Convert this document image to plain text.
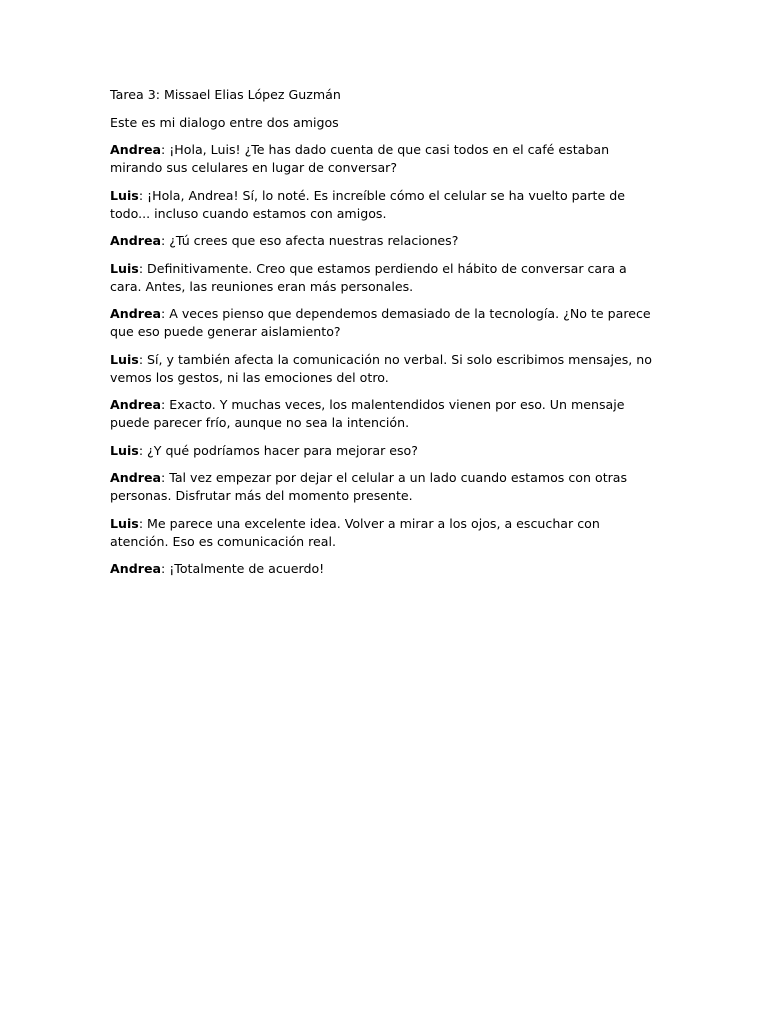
Tarea 3: Missael Elias López Guzmán

Este es mi dialogo entre dos amigos

Andrea: ¡Hola, Luis! ¿Te has dado cuenta de que casi todos en el café estaban mirando sus celulares en lugar de conversar?

Luis: ¡Hola, Andrea! Sí, lo noté. Es increíble cómo el celular se ha vuelto parte de todo... incluso cuando estamos con amigos.

Andrea: ¿Tú crees que eso afecta nuestras relaciones?

Luis: Definitivamente. Creo que estamos perdiendo el hábito de conversar cara a cara. Antes, las reuniones eran más personales.

Andrea: A veces pienso que dependemos demasiado de la tecnología. ¿No te parece que eso puede generar aislamiento?

Luis: Sí, y también afecta la comunicación no verbal. Si solo escribimos mensajes, no vemos los gestos, ni las emociones del otro.

Andrea: Exacto. Y muchas veces, los malentendidos vienen por eso. Un mensaje puede parecer frío, aunque no sea la intención.

Luis: ¿Y qué podríamos hacer para mejorar eso?

Andrea: Tal vez empezar por dejar el celular a un lado cuando estamos con otras personas. Disfrutar más del momento presente.

Luis: Me parece una excelente idea. Volver a mirar a los ojos, a escuchar con atención. Eso es comunicación real.

Andrea: ¡Totalmente de acuerdo!
